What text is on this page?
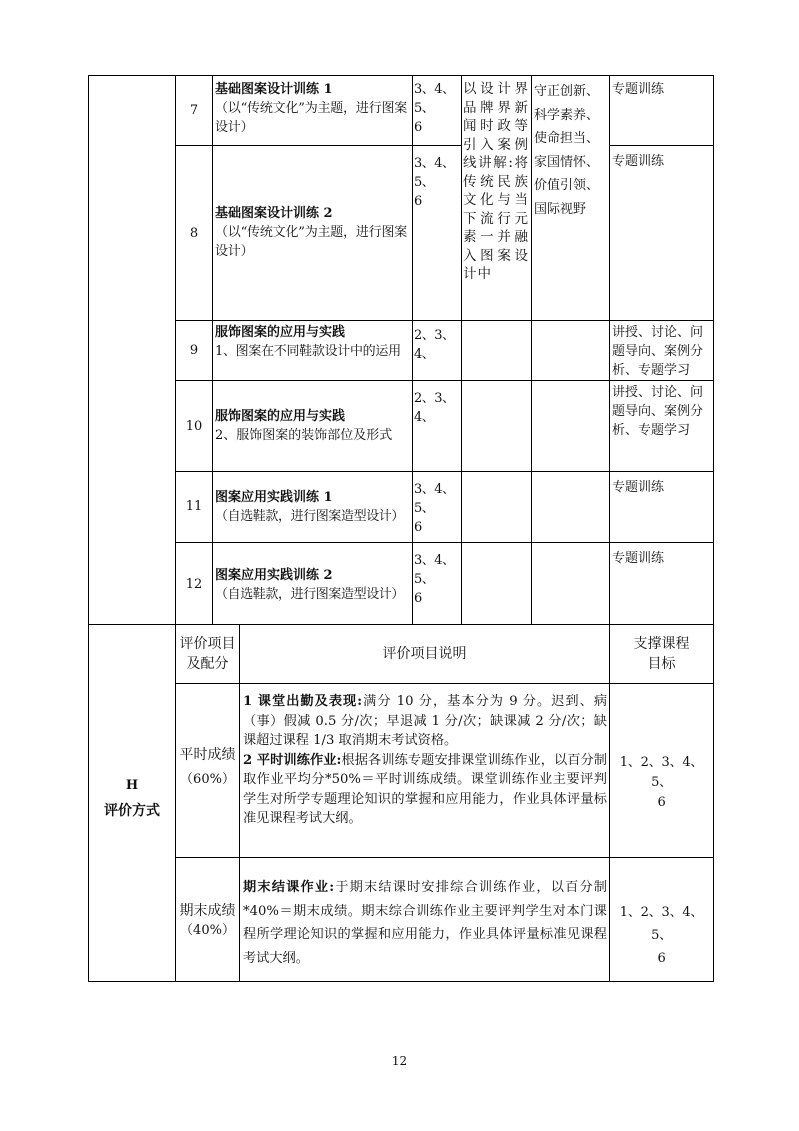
7
基础图案设计训练 1
（以“传统文化”为主题，进行图案设计）
3、4、5、
6
专题训练
以设计界品牌界新闻时政等引入案例线讲解:将传统民族文化与当下流行元素一并融入图案设计中
守正创新、
科学素养、
使命担当、
家国情怀、
价值引领、
国际视野
8
基础图案设计训练 2
（以“传统文化”为主题，进行图案设计）
3、4、5、
6
专题训练
9
服饰图案的应用与实践
1、图案在不同鞋款设计中的运用
2、3、4、
讲授、讨论、问题导向、案例分析、专题学习
10
服饰图案的应用与实践
2、服饰图案的装饰部位及形式
2、3、4、
讲授、讨论、问题导向、案例分析、专题学习
11
图案应用实践训练 1
（自选鞋款，进行图案造型设计）
3、4、5、
6
专题训练
12
图案应用实践训练 2
（自选鞋款，进行图案造型设计）
3、4、5、
6
专题训练
H
评价方式
评价项目
及配分
评价项目说明
支撑课程
目标
平时成绩
（60%）
1 课堂出勤及表现:满分 10 分，基本分为 9 分。迟到、病（事）假减 0.5 分/次；早退减 1 分/次；缺课减 2 分/次；缺课超过课程 1/3 取消期末考试资格。
2 平时训练作业:根据各训练专题安排课堂训练作业，以百分制取作业平均分*50%＝平时训练成绩。课堂训练作业主要评判学生对所学专题理论知识的掌握和应用能力，作业具体评量标准见课程考试大纲。
1、2、3、4、5、
6
期末成绩
（40%）
期末结课作业:于期末结课时安排综合训练作业，以百分制*40%＝期末成绩。期末综合训练作业主要评判学生对本门课程所学理论知识的掌握和应用能力，作业具体评量标准见课程考试大纲。
1、2、3、4、5、
6
12
